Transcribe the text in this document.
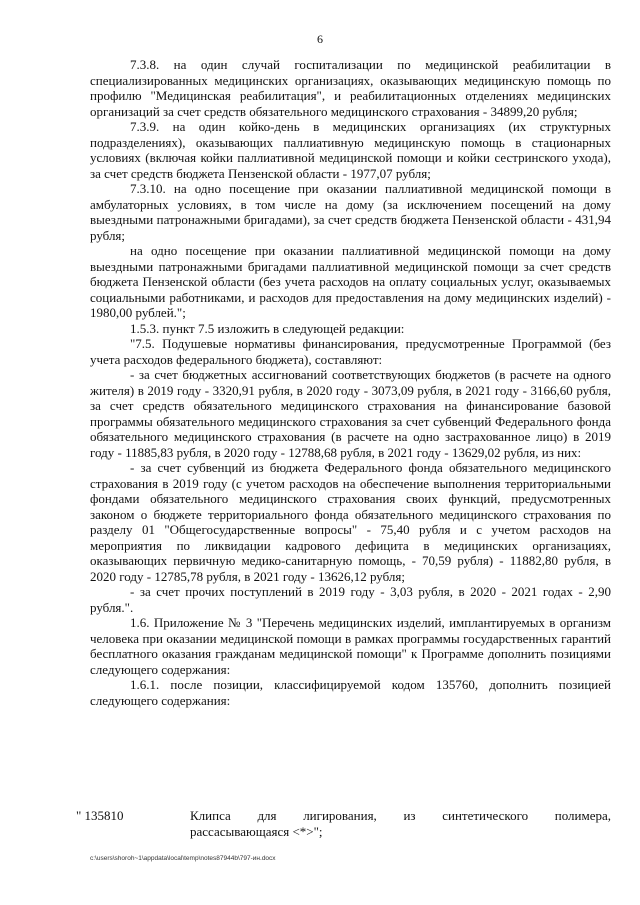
6

7.3.8. на один случай госпитализации по медицинской реабилитации в специализированных медицинских организациях, оказывающих медицинскую помощь по профилю "Медицинская реабилитация", и реабилитационных отделениях медицинских организаций за счет средств обязательного медицинского страхования - 34899,20 рубля;

7.3.9. на один койко-день в медицинских организациях (их структурных подразделениях), оказывающих паллиативную медицинскую помощь в стационарных условиях (включая койки паллиативной медицинской помощи и койки сестринского ухода), за счет средств бюджета Пензенской области - 1977,07 рубля;

7.3.10. на одно посещение при оказании паллиативной медицинской помощи в амбулаторных условиях, в том числе на дому (за исключением посещений на дому выездными патронажными бригадами), за счет средств бюджета Пензенской области - 431,94 рубля;

на одно посещение при оказании паллиативной медицинской помощи на дому выездными патронажными бригадами паллиативной медицинской помощи за счет средств бюджета Пензенской области (без учета расходов на оплату социальных услуг, оказываемых социальными работниками, и расходов для предоставления на дому медицинских изделий) - 1980,00 рублей.";

1.5.3. пункт 7.5 изложить в следующей редакции:

"7.5. Подушевые нормативы финансирования, предусмотренные Программой (без учета расходов федерального бюджета), составляют:

- за счет бюджетных ассигнований соответствующих бюджетов (в расчете на одного жителя) в 2019 году - 3320,91 рубля, в 2020 году - 3073,09 рубля, в 2021 году - 3166,60 рубля, за счет средств обязательного медицинского страхования на финансирование базовой программы обязательного медицинского страхования за счет субвенций Федерального фонда обязательного медицинского страхования (в расчете на одно застрахованное лицо) в 2019 году - 11885,83 рубля, в 2020 году - 12788,68 рубля, в 2021 году - 13629,02 рубля, из них:

- за счет субвенций из бюджета Федерального фонда обязательного медицинского страхования в 2019 году (с учетом расходов на обеспечение выполнения территориальными фондами обязательного медицинского страхования своих функций, предусмотренных законом о бюджете территориального фонда обязательного медицинского страхования по разделу 01 "Общегосударственные вопросы" - 75,40 рубля и с учетом расходов на мероприятия по ликвидации кадрового дефицита в медицинских организациях, оказывающих первичную медико-санитарную помощь, - 70,59 рубля) - 11882,80 рубля, в 2020 году - 12785,78 рубля, в 2021 году - 13626,12 рубля;

- за счет прочих поступлений в 2019 году - 3,03 рубля, в 2020 - 2021 годах - 2,90 рубля.".

1.6. Приложение № 3 "Перечень медицинских изделий, имплантируемых в организм человека при оказании медицинской помощи в рамках программы государственных гарантий бесплатного оказания гражданам медицинской помощи" к Программе дополнить позициями следующего содержания:

1.6.1. после позиции, классифицируемой кодом 135760, дополнить позицией следующего содержания:

" 135810	Клипса для лигирования, из синтетического полимера,
рассасывающаяся <*>";
c:\users\shoroh~1\appdata\local\temp\notes87944b\797-ин.docx
